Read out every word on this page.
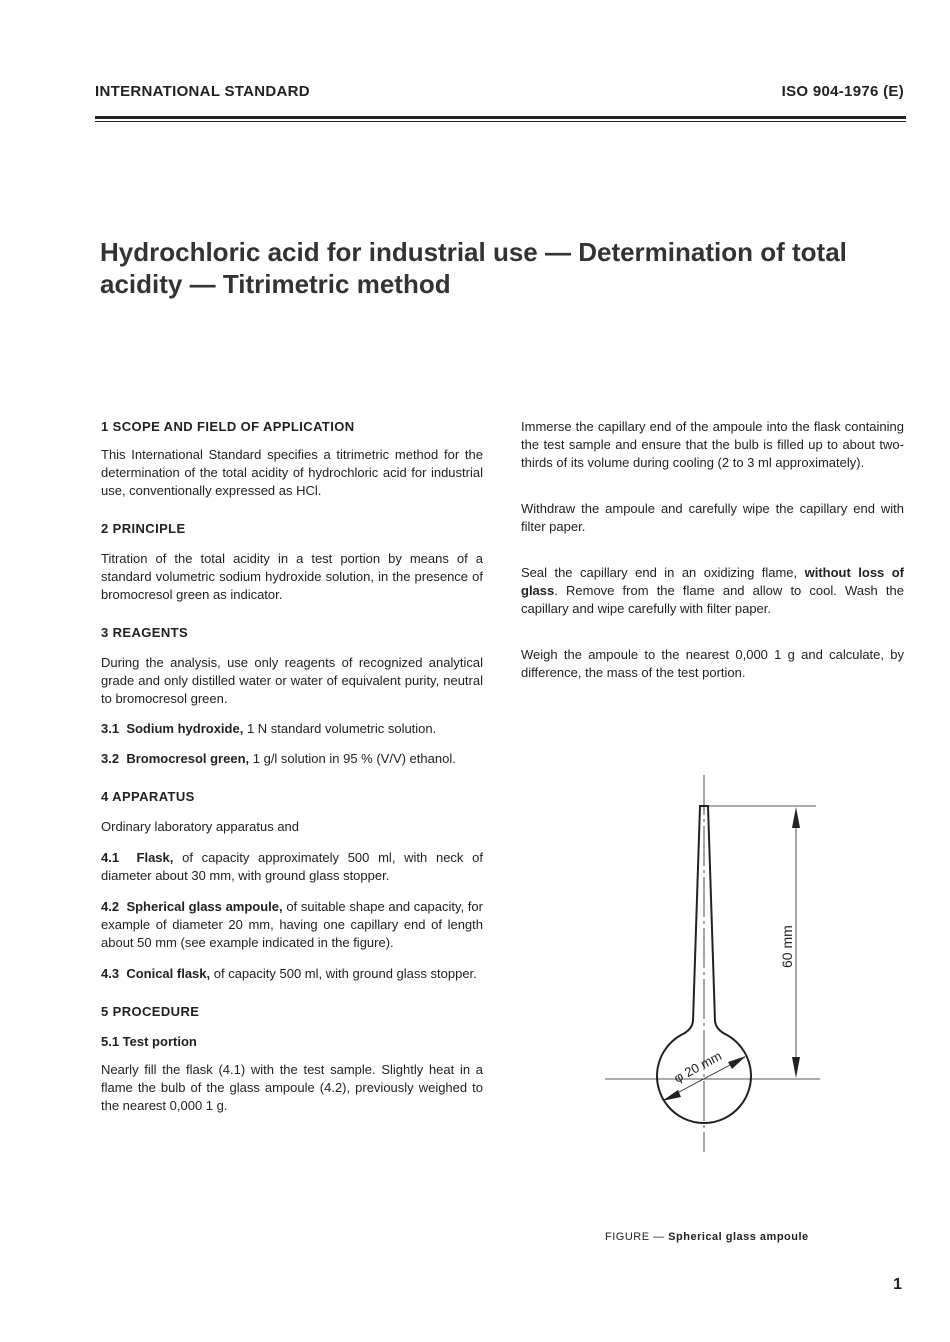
INTERNATIONAL STANDARD	ISO 904-1976 (E)
Hydrochloric acid for industrial use — Determination of total acidity — Titrimetric method
1 SCOPE AND FIELD OF APPLICATION

This International Standard specifies a titrimetric method for the determination of the total acidity of hydrochloric acid for industrial use, conventionally expressed as HCl.

2 PRINCIPLE

Titration of the total acidity in a test portion by means of a standard volumetric sodium hydroxide solution, in the presence of bromocresol green as indicator.

3 REAGENTS

During the analysis, use only reagents of recognized analytical grade and only distilled water or water of equivalent purity, neutral to bromocresol green.

3.1 Sodium hydroxide, 1 N standard volumetric solution.

3.2 Bromocresol green, 1 g/l solution in 95 % (V/V) ethanol.

4 APPARATUS

Ordinary laboratory apparatus and

4.1 Flask, of capacity approximately 500 ml, with neck of diameter about 30 mm, with ground glass stopper.

4.2 Spherical glass ampoule, of suitable shape and capacity, for example of diameter 20 mm, having one capillary end of length about 50 mm (see example indicated in the figure).

4.3 Conical flask, of capacity 500 ml, with ground glass stopper.

5 PROCEDURE
5.1 Test portion

Nearly fill the flask (4.1) with the test sample. Slightly heat in a flame the bulb of the glass ampoule (4.2), previously weighed to the nearest 0,000 1 g.

Immerse the capillary end of the ampoule into the flask containing the test sample and ensure that the bulb is filled up to about two-thirds of its volume during cooling (2 to 3 ml approximately).

Withdraw the ampoule and carefully wipe the capillary end with filter paper.

Seal the capillary end in an oxidizing flame, without loss of glass. Remove from the flame and allow to cool. Wash the capillary and wipe carefully with filter paper.

Weigh the ampoule to the nearest 0,000 1 g and calculate, by difference, the mass of the test portion.

60 mm
φ 20 mm
FIGURE — Spherical glass ampoule
1
